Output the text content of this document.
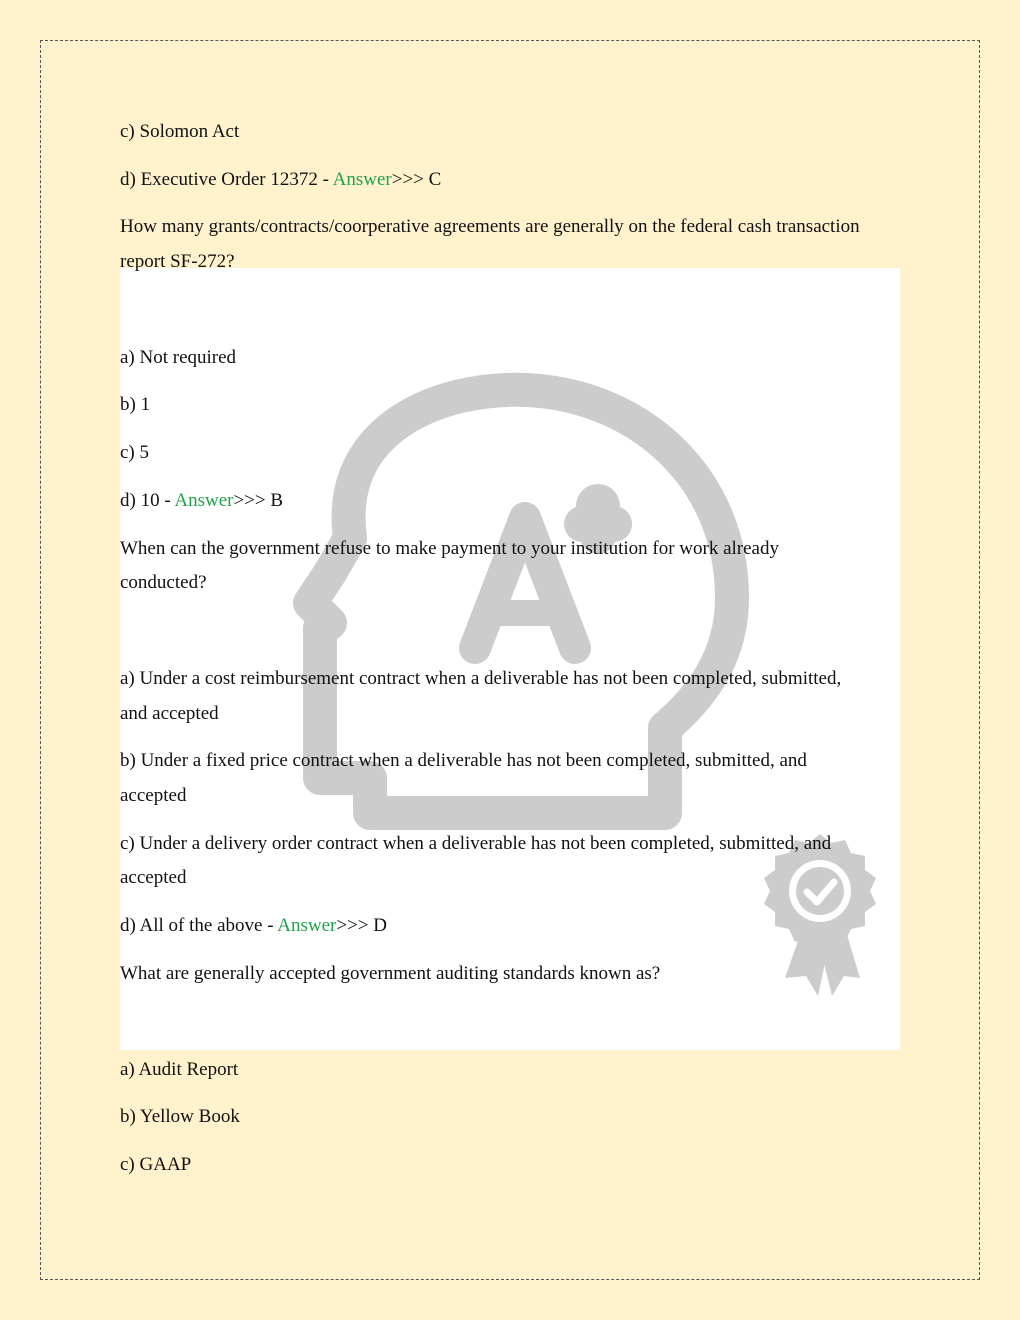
c) Solomon Act
d) Executive Order 12372 - Answer>>> C
How many grants/contracts/coorperative agreements are generally on the federal cash transaction
report SF-272?
a) Not required
b) 1
c) 5
d) 10 - Answer>>> B
When can the government refuse to make payment to your institution for work already
conducted?
a) Under a cost reimbursement contract when a deliverable has not been completed, submitted,
and accepted
b) Under a fixed price contract when a deliverable has not been completed, submitted, and
accepted
c) Under a delivery order contract when a deliverable has not been completed, submitted, and
accepted
d) All of the above - Answer>>> D
What are generally accepted government auditing standards known as?
a) Audit Report
b) Yellow Book
c) GAAP
